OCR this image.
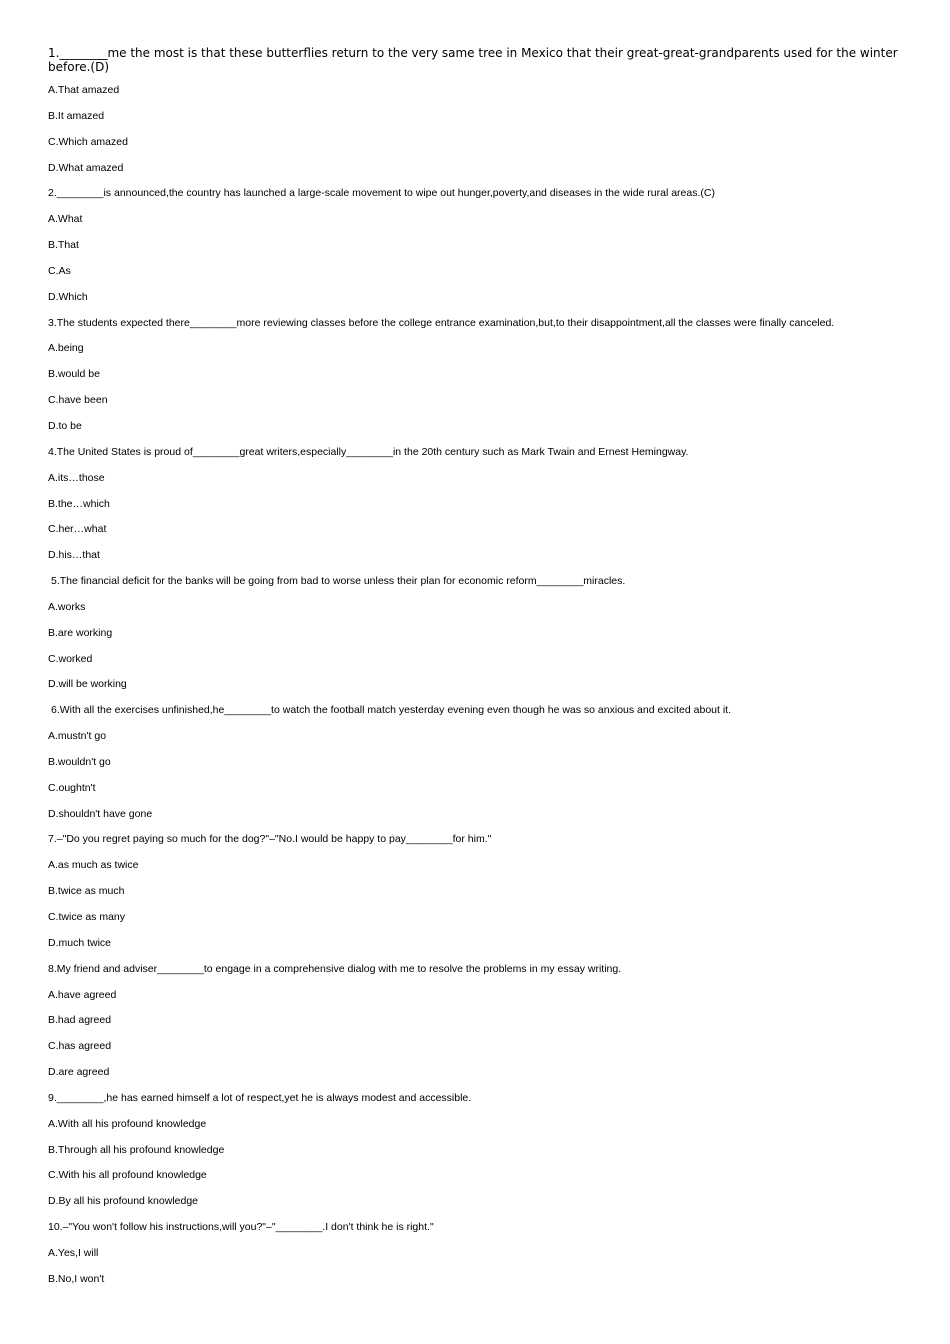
1.________me the most is that these butterflies return to the very same tree in Mexico that their great-great-grandparents used for the winter before.(D)
A.That amazed
B.It amazed
C.Which amazed
D.What amazed
2.________is announced,the country has launched a large-scale movement to wipe out hunger,poverty,and diseases in the wide rural areas.(C)
A.What
B.That
C.As
D.Which
3.The students expected there________more reviewing classes before the college entrance examination,but,to their disappointment,all the classes were finally canceled.
A.being
B.would be
C.have been
D.to be
4.The United States is proud of________great writers,especially________in the 20th century such as Mark Twain and Ernest Hemingway.
A.its…those
B.the…which
C.her…what
D.his…that
5.The financial deficit for the banks will be going from bad to worse unless their plan for economic reform________miracles.
A.works
B.are working
C.worked
D.will be working
6.With all the exercises unfinished,he________to watch the football match yesterday evening even though he was so anxious and excited about it.
A.mustn't go
B.wouldn't go
C.oughtn't
D.shouldn't have gone
7.–"Do you regret paying so much for the dog?"–"No.I would be happy to pay________for him."
A.as much as twice
B.twice as much
C.twice as many
D.much twice
8.My friend and adviser________to engage in a comprehensive dialog with me to resolve the problems in my essay writing.
A.have agreed
B.had agreed
C.has agreed
D.are agreed
9.________,he has earned himself a lot of respect,yet he is always modest and accessible.
A.With all his profound knowledge
B.Through all his profound knowledge
C.With his all profound knowledge
D.By all his profound knowledge
10.–"You won't follow his instructions,will you?"–"________.I don't think he is right."
A.Yes,I will
B.No,I won't
